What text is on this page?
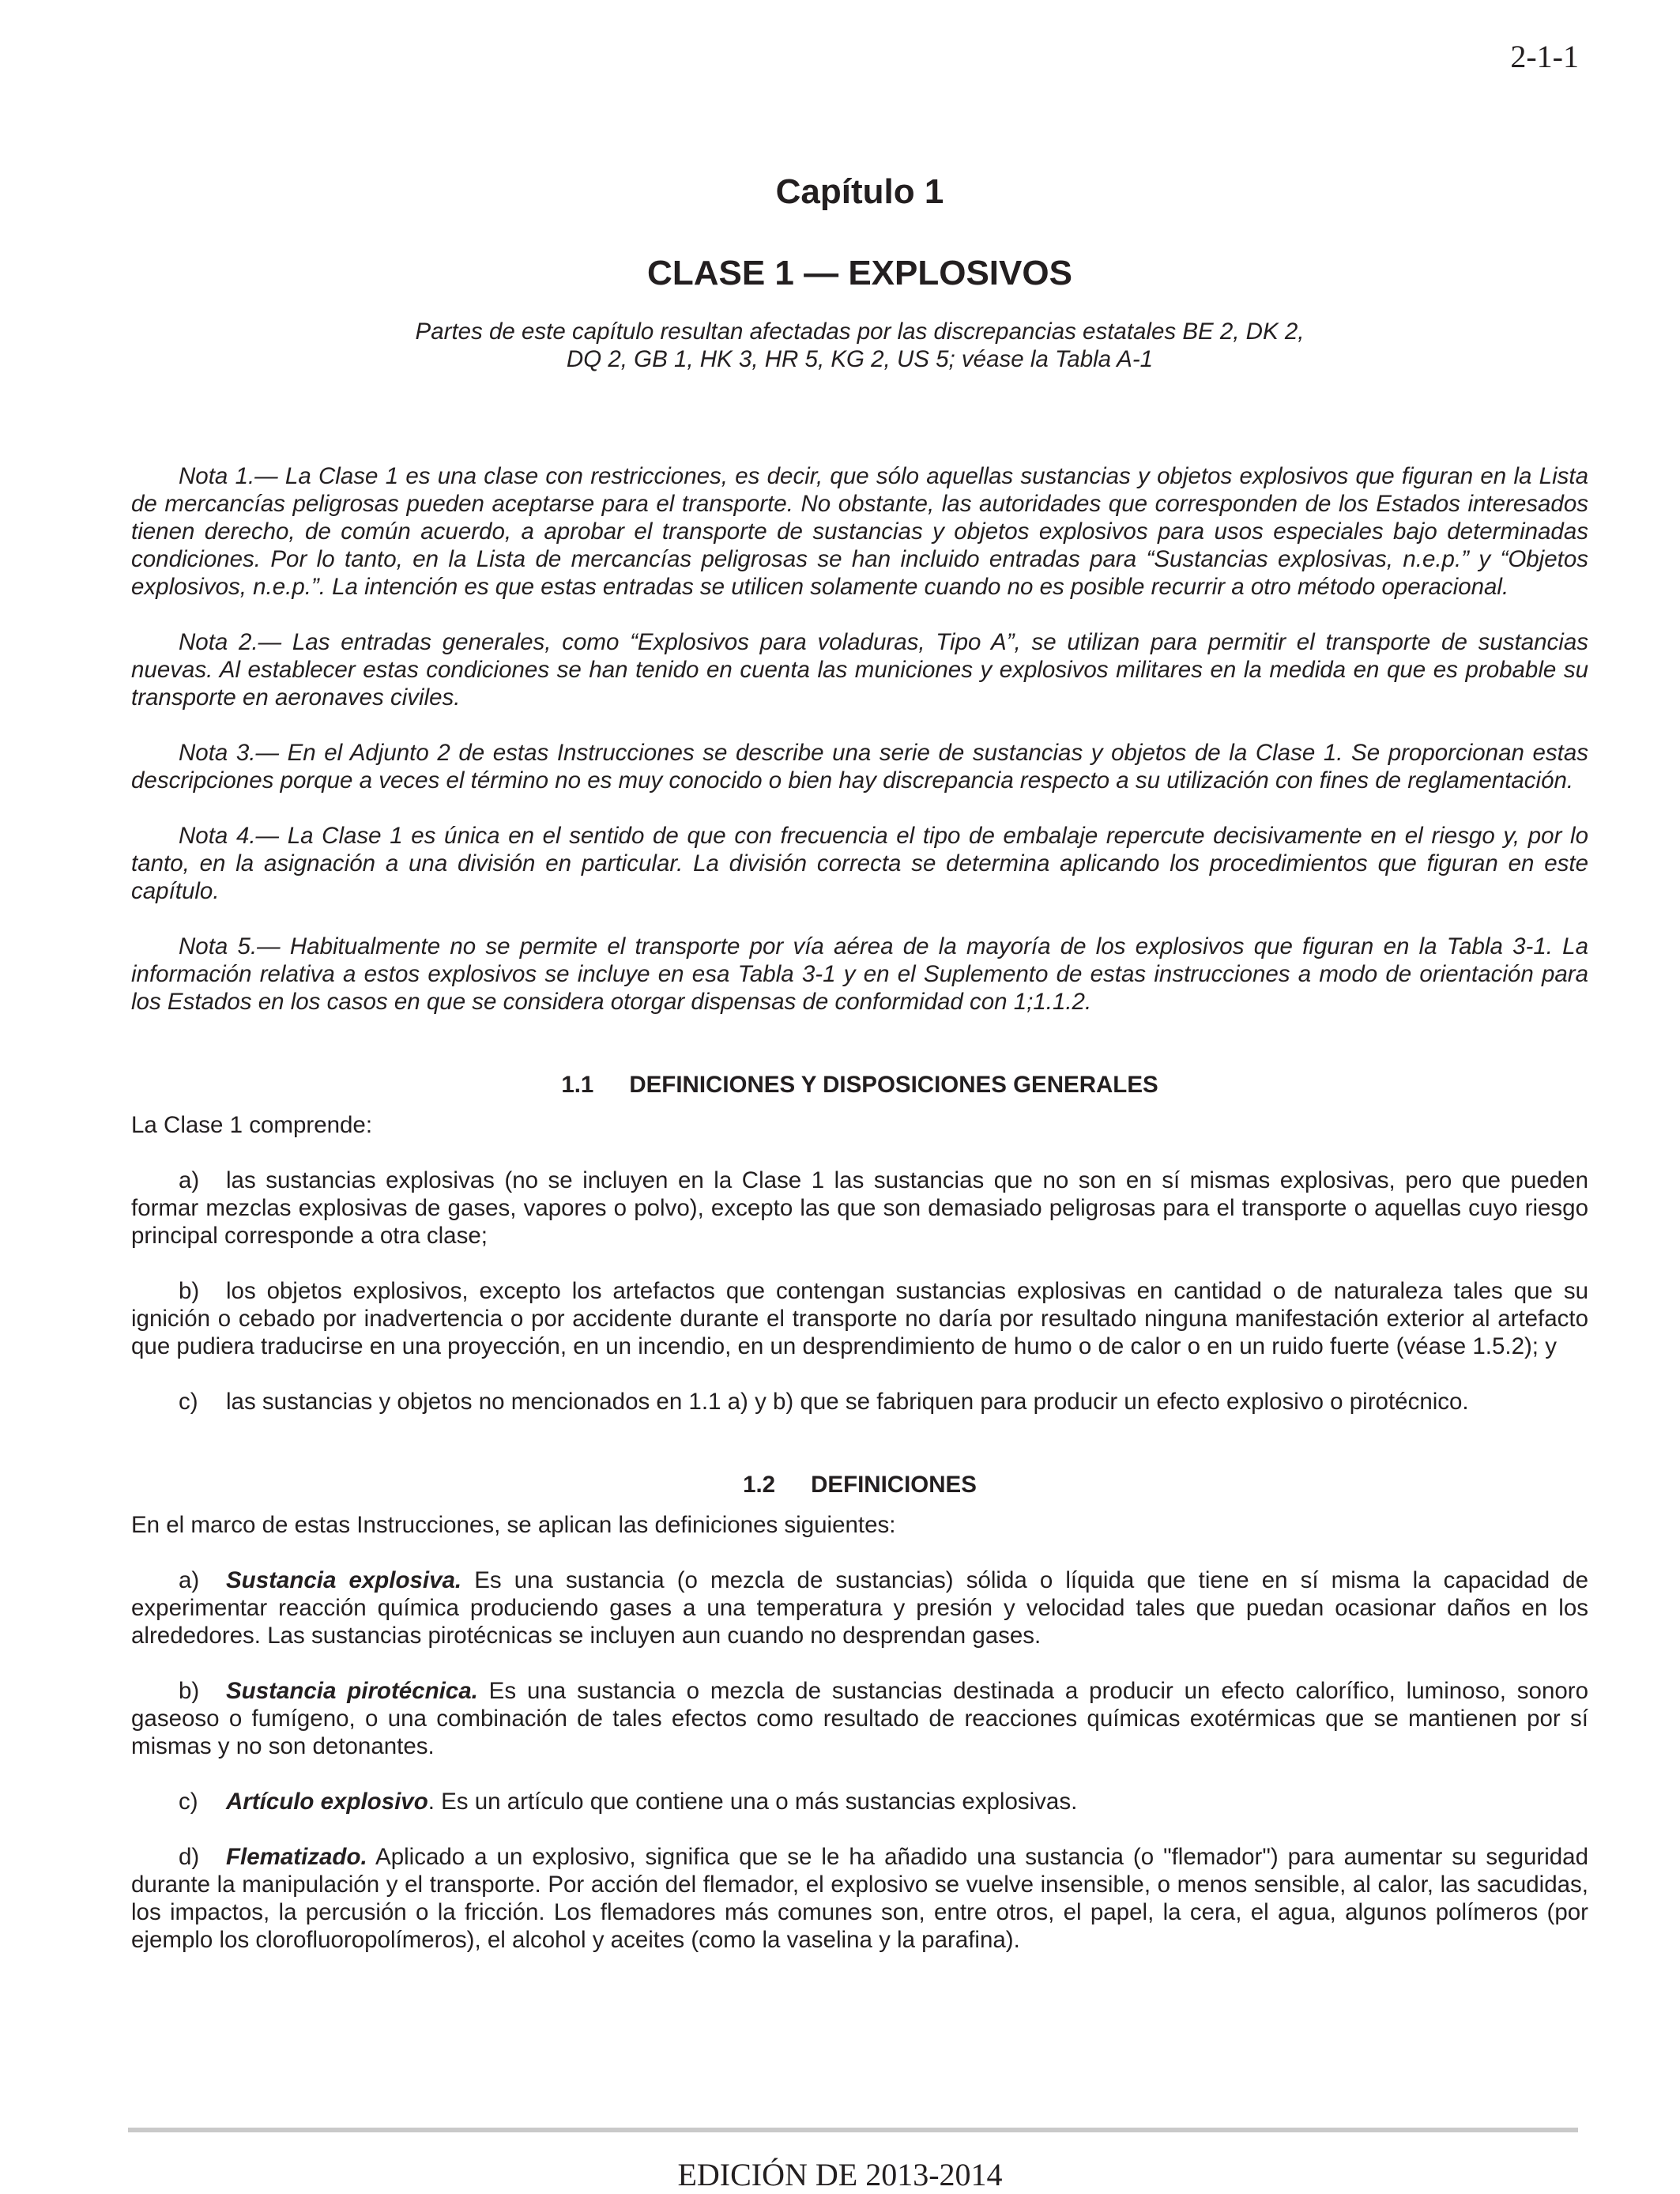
2-1-1
Capítulo 1
CLASE 1 — EXPLOSIVOS

Partes de este capítulo resultan afectadas por las discrepancias estatales BE 2, DK 2,
DQ 2, GB 1, HK 3, HR 5, KG 2, US 5; véase la Tabla A-1

Nota 1.— La Clase 1 es una clase con restricciones, es decir, que sólo aquellas sustancias y objetos explosivos que figuran en la Lista de mercancías peligrosas pueden aceptarse para el transporte. No obstante, las autoridades que corresponden de los Estados interesados tienen derecho, de común acuerdo, a aprobar el transporte de sustancias y objetos explosivos para usos especiales bajo determinadas condiciones. Por lo tanto, en la Lista de mercancías peligrosas se han incluido entradas para “Sustancias explosivas, n.e.p.” y “Objetos explosivos, n.e.p.”. La intención es que estas entradas se utilicen solamente cuando no es posible recurrir a otro método operacional.

Nota 2.— Las entradas generales, como “Explosivos para voladuras, Tipo A”, se utilizan para permitir el transporte de sustancias nuevas. Al establecer estas condiciones se han tenido en cuenta las municiones y explosivos militares en la medida en que es probable su transporte en aeronaves civiles.

Nota 3.— En el Adjunto 2 de estas Instrucciones se describe una serie de sustancias y objetos de la Clase 1. Se proporcionan estas descripciones porque a veces el término no es muy conocido o bien hay discrepancia respecto a su utilización con fines de reglamentación.

Nota 4.— La Clase 1 es única en el sentido de que con frecuencia el tipo de embalaje repercute decisivamente en el riesgo y, por lo tanto, en la asignación a una división en particular. La división correcta se determina aplicando los procedimientos que figuran en este capítulo.

Nota 5.— Habitualmente no se permite el transporte por vía aérea de la mayoría de los explosivos que figuran en la Tabla 3-1. La información relativa a estos explosivos se incluye en esa Tabla 3-1 y en el Suplemento de estas instrucciones a modo de orientación para los Estados en los casos en que se considera otorgar dispensas de conformidad con 1;1.1.2.

1.1 DEFINICIONES Y DISPOSICIONES GENERALES

La Clase 1 comprende:

a) las sustancias explosivas (no se incluyen en la Clase 1 las sustancias que no son en sí mismas explosivas, pero que pueden formar mezclas explosivas de gases, vapores o polvo), excepto las que son demasiado peligrosas para el transporte o aquellas cuyo riesgo principal corresponde a otra clase;

b) los objetos explosivos, excepto los artefactos que contengan sustancias explosivas en cantidad o de naturaleza tales que su ignición o cebado por inadvertencia o por accidente durante el transporte no daría por resultado ninguna manifestación exterior al artefacto que pudiera traducirse en una proyección, en un incendio, en un desprendimiento de humo o de calor o en un ruido fuerte (véase 1.5.2); y

c) las sustancias y objetos no mencionados en 1.1 a) y b) que se fabriquen para producir un efecto explosivo o pirotécnico.

1.2 DEFINICIONES

En el marco de estas Instrucciones, se aplican las definiciones siguientes:

a) Sustancia explosiva. Es una sustancia (o mezcla de sustancias) sólida o líquida que tiene en sí misma la capacidad de experimentar reacción química produciendo gases a una temperatura y presión y velocidad tales que puedan ocasionar daños en los alrededores. Las sustancias pirotécnicas se incluyen aun cuando no desprendan gases.

b) Sustancia pirotécnica. Es una sustancia o mezcla de sustancias destinada a producir un efecto calorífico, luminoso, sonoro gaseoso o fumígeno, o una combinación de tales efectos como resultado de reacciones químicas exotérmicas que se mantienen por sí mismas y no son detonantes.

c) Artículo explosivo. Es un artículo que contiene una o más sustancias explosivas.

d) Flematizado. Aplicado a un explosivo, significa que se le ha añadido una sustancia (o "flemador") para aumentar su seguridad durante la manipulación y el transporte. Por acción del flemador, el explosivo se vuelve insensible, o menos sensible, al calor, las sacudidas, los impactos, la percusión o la fricción. Los flemadores más comunes son, entre otros, el papel, la cera, el agua, algunos polímeros (por ejemplo los clorofluoropolímeros), el alcohol y aceites (como la vaselina y la parafina).

EDICIÓN DE 2013-2014
